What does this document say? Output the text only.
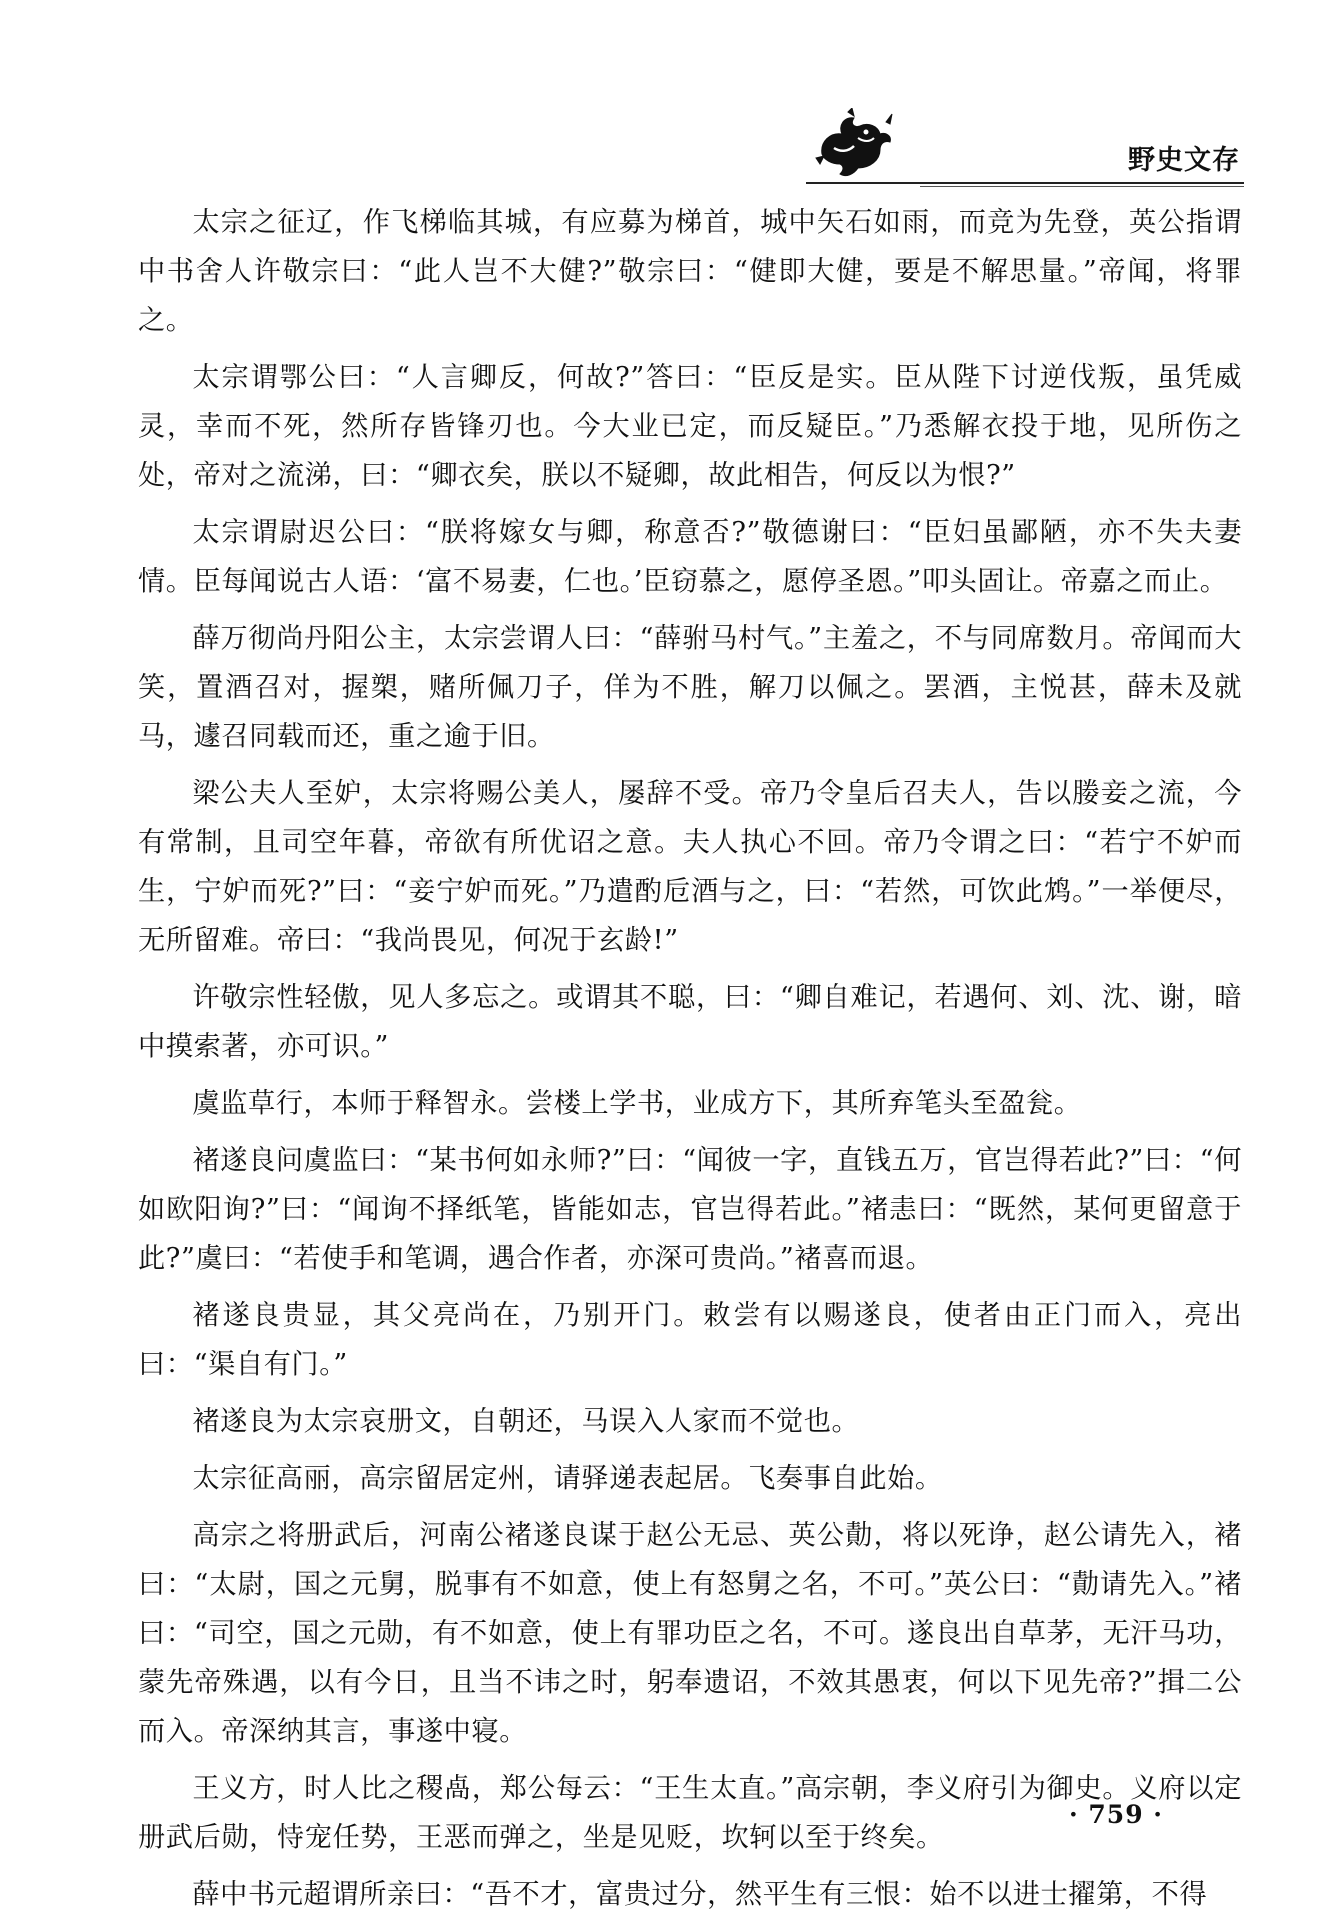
野史文存

太宗之征辽，作飞梯临其城，有应募为梯首，城中矢石如雨，而竞为先登，英公指谓中书舍人许敬宗曰：“此人岂不大健?”敬宗曰：“健即大健，要是不解思量。”帝闻，将罪之。

太宗谓鄂公曰：“人言卿反，何故?”答曰：“臣反是实。臣从陛下讨逆伐叛，虽凭威灵，幸而不死，然所存皆锋刃也。今大业已定，而反疑臣。”乃悉解衣投于地，见所伤之处，帝对之流涕，曰：“卿衣矣，朕以不疑卿，故此相告，何反以为恨?”

太宗谓尉迟公曰：“朕将嫁女与卿，称意否?”敬德谢曰：“臣妇虽鄙陋，亦不失夫妻情。臣每闻说古人语：‘富不易妻，仁也。’臣窃慕之，愿停圣恩。”叩头固让。帝嘉之而止。

薛万彻尚丹阳公主，太宗尝谓人曰：“薛驸马村气。”主羞之，不与同席数月。帝闻而大笑，置酒召对，握槊，赌所佩刀子，佯为不胜，解刀以佩之。罢酒，主悦甚，薛未及就马，遽召同载而还，重之逾于旧。

梁公夫人至妒，太宗将赐公美人，屡辞不受。帝乃令皇后召夫人，告以媵妾之流，今有常制，且司空年暮，帝欲有所优诏之意。夫人执心不回。帝乃令谓之曰：“若宁不妒而生，宁妒而死?”曰：“妾宁妒而死。”乃遣酌卮酒与之，曰：“若然，可饮此鸩。”一举便尽，无所留难。帝曰：“我尚畏见，何况于玄龄!”

许敬宗性轻傲，见人多忘之。或谓其不聪，曰：“卿自难记，若遇何、刘、沈、谢，暗中摸索著，亦可识。”

虞监草行，本师于释智永。尝楼上学书，业成方下，其所弃笔头至盈瓮。

褚遂良问虞监曰：“某书何如永师?”曰：“闻彼一字，直钱五万，官岂得若此?”曰：“何如欧阳询?”曰：“闻询不择纸笔，皆能如志，官岂得若此。”褚恚曰：“既然，某何更留意于此?”虞曰：“若使手和笔调，遇合作者，亦深可贵尚。”褚喜而退。

褚遂良贵显，其父亮尚在，乃别开门。敕尝有以赐遂良，使者由正门而入，亮出曰：“渠自有门。”

褚遂良为太宗哀册文，自朝还，马误入人家而不觉也。

太宗征高丽，高宗留居定州，请驿递表起居。飞奏事自此始。

高宗之将册武后，河南公褚遂良谋于赵公无忌、英公勣，将以死诤，赵公请先入，褚曰：“太尉，国之元舅，脱事有不如意，使上有怒舅之名，不可。”英公曰：“勣请先入。”褚曰：“司空，国之元勋，有不如意，使上有罪功臣之名，不可。遂良出自草茅，无汗马功，蒙先帝殊遇，以有今日，且当不讳之时，躬奉遗诏，不效其愚衷，何以下见先帝?”揖二公而入。帝深纳其言，事遂中寝。

王义方，时人比之稷卨，郑公每云：“王生太直。”高宗朝，李义府引为御史。义府以定册武后勋，恃宠任势，王恶而弹之，坐是见贬，坎轲以至于终矣。

薛中书元超谓所亲曰：“吾不才，富贵过分，然平生有三恨：始不以进士擢第，不得

· 759 ·
